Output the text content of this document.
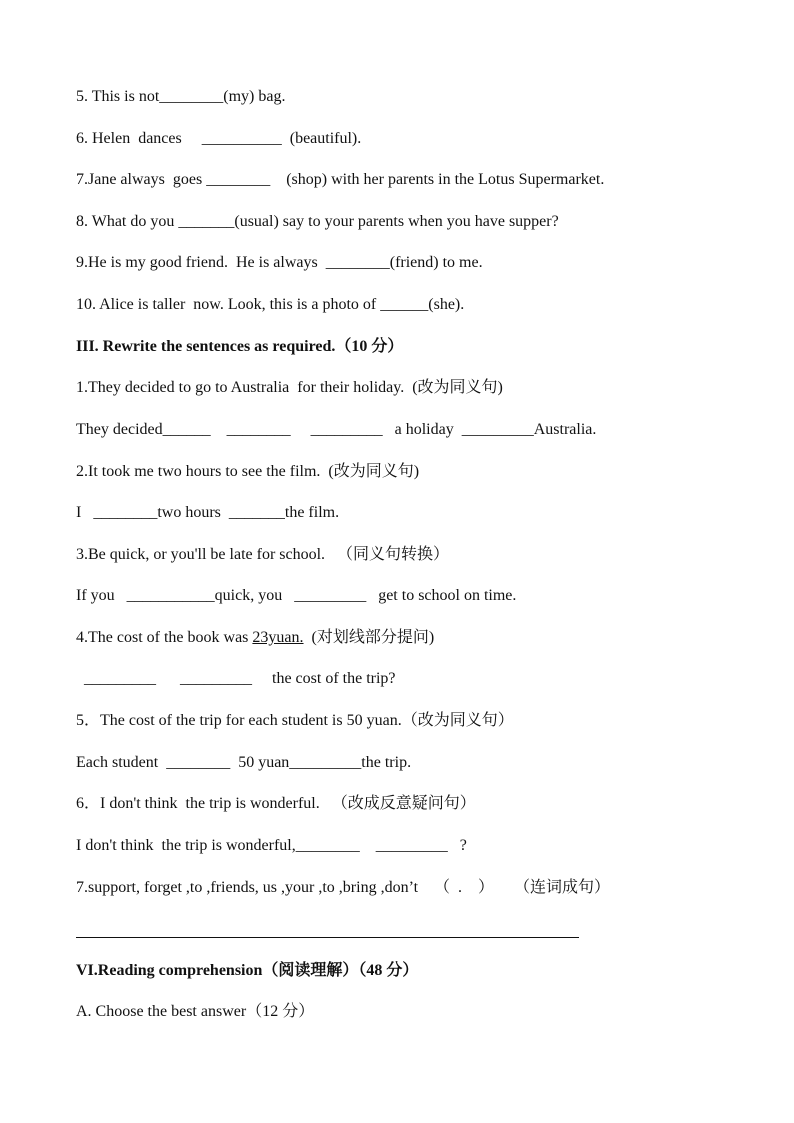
5. This is not________(my) bag.
6. Helen  dances     __________  (beautiful).
7.Jane always  goes ________    (shop) with her parents in the Lotus Supermarket.
8. What do you _______(usual) say to your parents when you have supper?
9.He is my good friend.  He is always  ________(friend) to me.
10. Alice is taller  now. Look, this is a photo of ______(she).
III. Rewrite the sentences as required.（10 分）
1.They decided to go to Australia  for their holiday.  (改为同义句)
They decided______    ________     _________   a holiday  _________Australia.
2.It took me two hours to see the film.  (改为同义句)
I   ________two hours  _______the film.
3.Be quick, or you'll be late for school.   （同义句转换）
If you   ___________quick, you   _________   get to school on time.
4.The cost of the book was 23yuan.  (对划线部分提问)
_________      _________     the cost of the trip?
5．The cost of the trip for each student is 50 yuan.（改为同义句）
Each student  ________  50 yuan_________the trip.
6．I don't think  the trip is wonderful.   （改成反意疑问句）
I don't think  the trip is wonderful,________    _________   ?
7.support, forget ,to ,friends, us ,your ,to ,bring ,don’t    （  .    ）     （连词成句）
VI.Reading comprehension（阅读理解）（48 分）
A. Choose the best answer（12 分）
